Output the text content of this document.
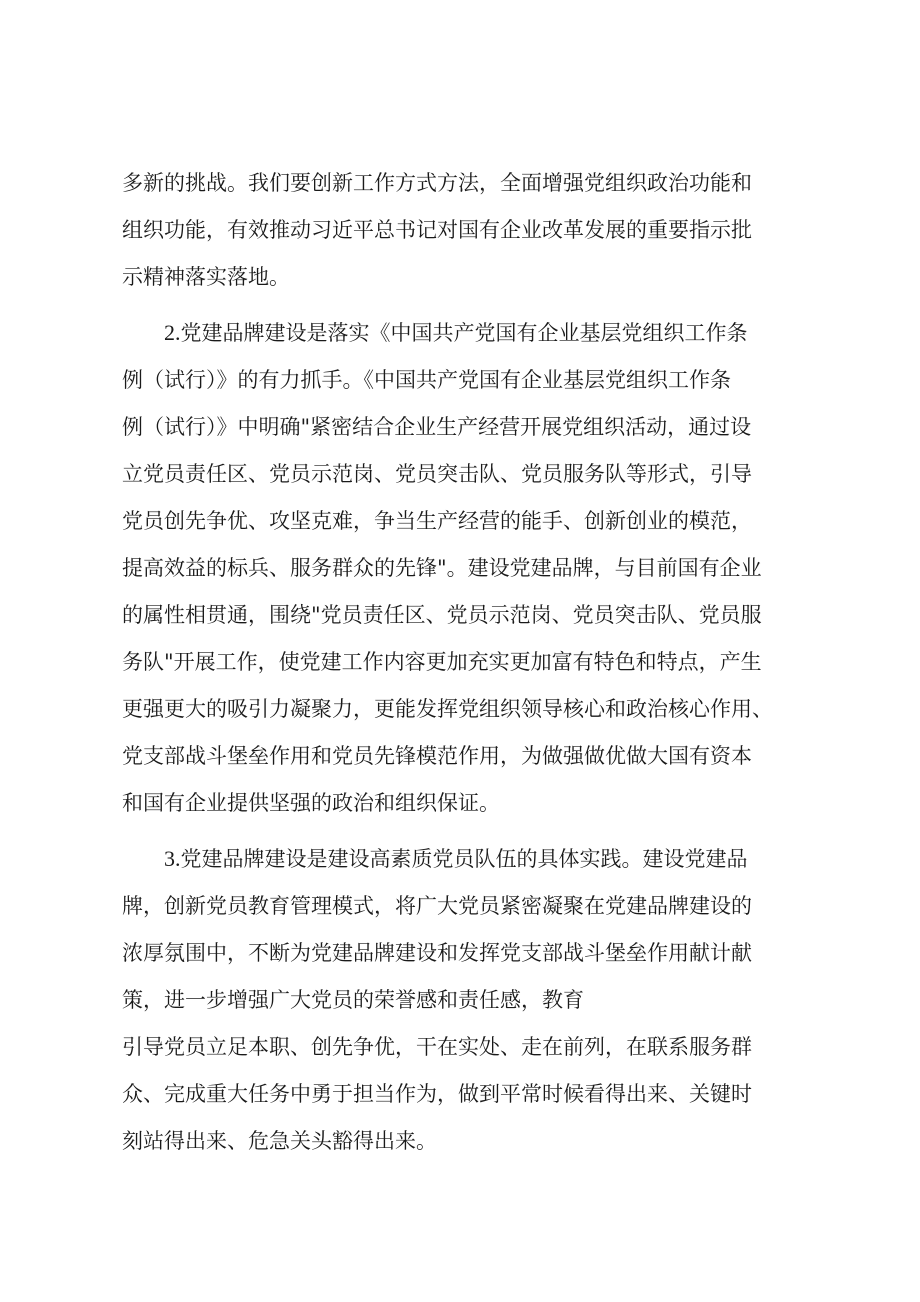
多新的挑战。我们要创新工作方式方法，全面增强党组织政治功能和

组织功能，有效推动习近平总书记对国有企业改革发展的重要指示批

示精神落实落地。

2.党建品牌建设是落实《中国共产党国有企业基层党组织工作条

例（试行）》的有力抓手。《中国共产党国有企业基层党组织工作条

例（试行）》中明确"紧密结合企业生产经营开展党组织活动，通过设

立党员责任区、党员示范岗、党员突击队、党员服务队等形式，引导

党员创先争优、攻坚克难，争当生产经营的能手、创新创业的模范，

提高效益的标兵、服务群众的先锋"。建设党建品牌，与目前国有企业

的属性相贯通，围绕"党员责任区、党员示范岗、党员突击队、党员服

务队"开展工作，使党建工作内容更加充实更加富有特色和特点，产生

更强更大的吸引力凝聚力，更能发挥党组织领导核心和政治核心作用、

党支部战斗堡垒作用和党员先锋模范作用，为做强做优做大国有资本

和国有企业提供坚强的政治和组织保证。

3.党建品牌建设是建设高素质党员队伍的具体实践。建设党建品

牌，创新党员教育管理模式，将广大党员紧密凝聚在党建品牌建设的

浓厚氛围中，不断为党建品牌建设和发挥党支部战斗堡垒作用献计献

策，进一步增强广大党员的荣誉感和责任感，教育

引导党员立足本职、创先争优，干在实处、走在前列，在联系服务群

众、完成重大任务中勇于担当作为，做到平常时候看得出来、关键时

刻站得出来、危急关头豁得出来。
